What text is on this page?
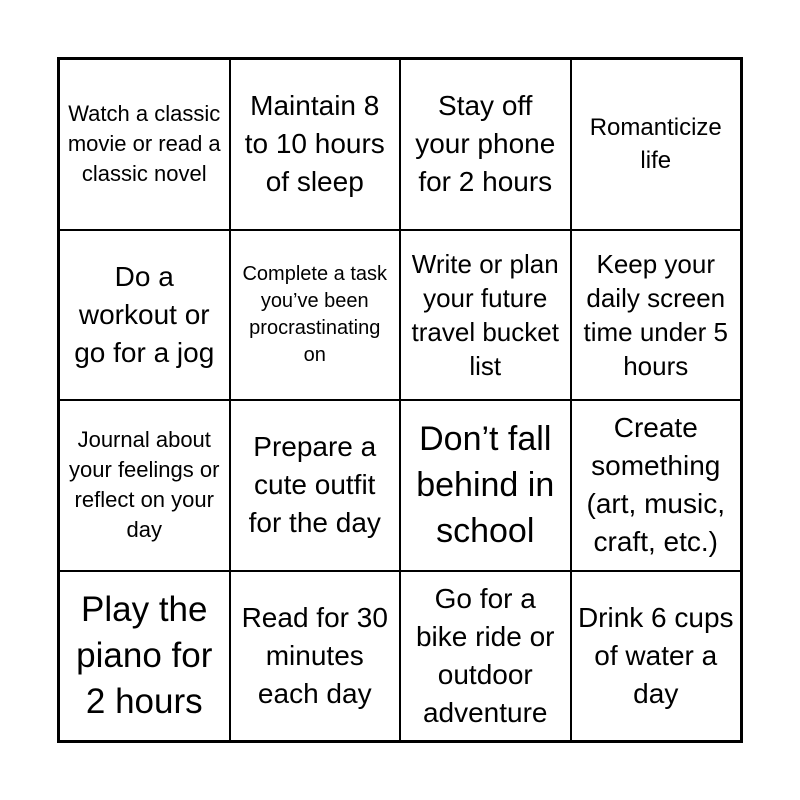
Watch a classic movie or read a classic novel
Maintain 8 to 10 hours of sleep
Stay off your phone for 2 hours
Romanticize life
Do a workout or go for a jog
Complete a task you’ve been procrastinating on
Write or plan your future travel bucket list
Keep your daily screen time under 5 hours
Journal about your feelings or reflect on your day
Prepare a cute outfit for the day
Don’t fall behind in school
Create something (art, music, craft, etc.)
Play the piano for 2 hours
Read for 30 minutes each day
Go for a bike ride or outdoor adventure
Drink 6 cups of water a day
